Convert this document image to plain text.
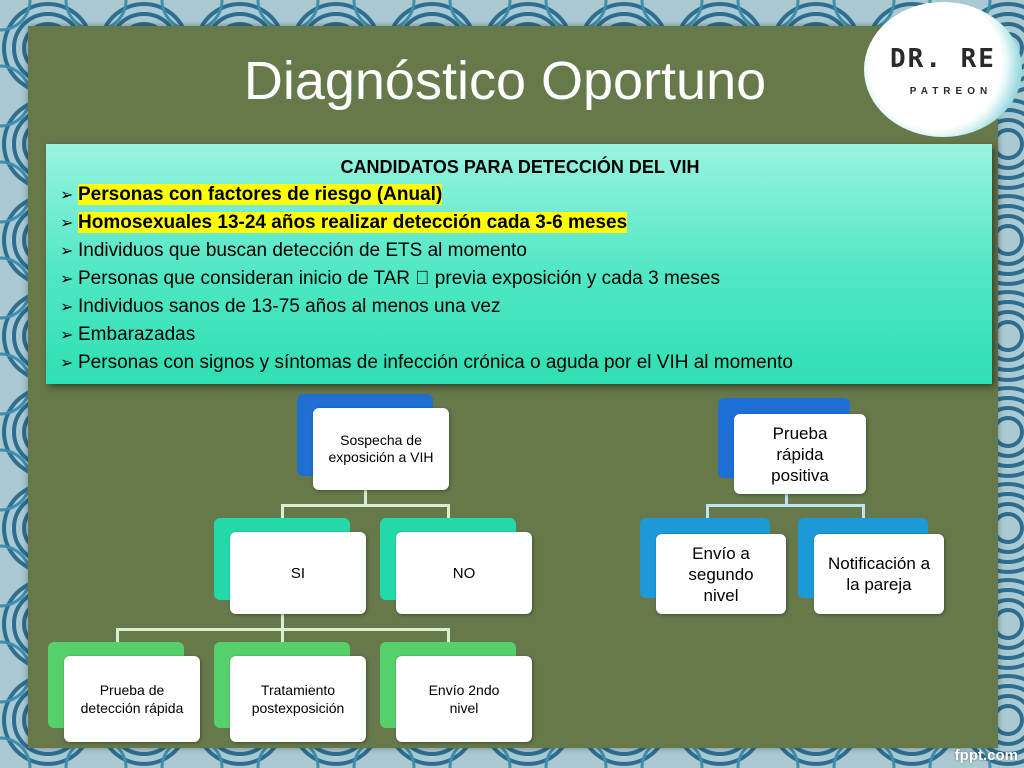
Diagnóstico Oportuno	DR. RE
PATREON
CANDIDATOS PARA DETECCIÓN DEL VIH
➢ Personas con factores de riesgo (Anual)
➢ Homosexuales 13-24 años realizar detección cada 3-6 meses
➢ Individuos que buscan detección de ETS al momento
➢ Personas que consideran inicio de TAR previa exposición y cada 3 meses
➢ Individuos sanos de 13-75 años al menos una vez
➢ Embarazadas
➢ Personas con signos y síntomas de infección crónica o aguda por el VIH al momento
Sospecha de exposición a VIH
SI	NO
Prueba de detección rápida
Tratamiento postexposición
Envío 2ndo nivel
Prueba rápida positiva
Envío a segundo nivel
Notificación a la pareja
fppt.com
